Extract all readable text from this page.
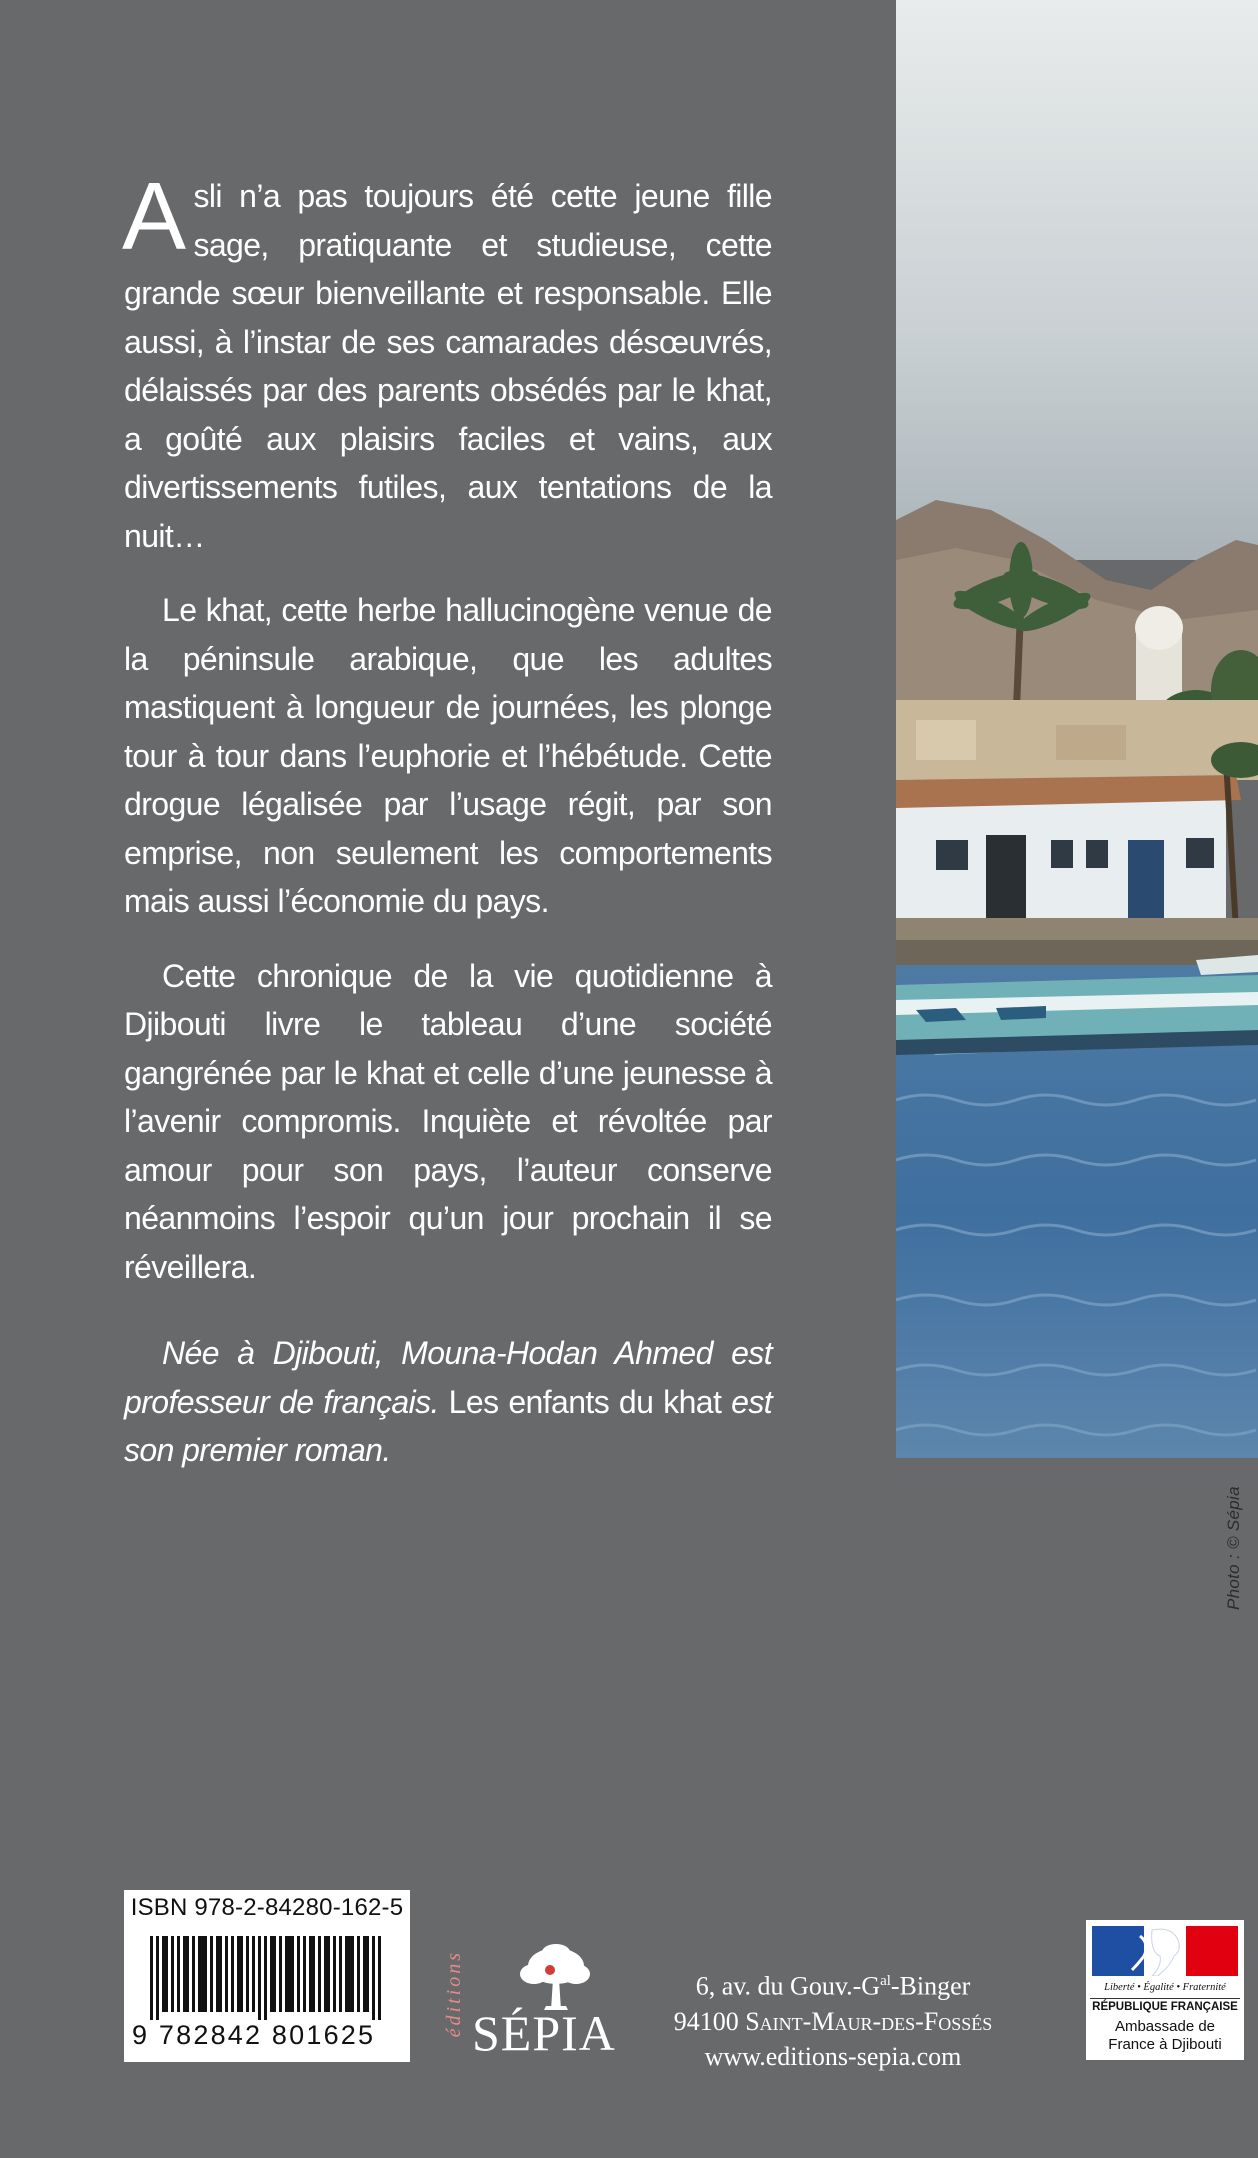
Photo : © Sépia

Asli n’a pas toujours été cette jeune fille sage, pratiquante et studieuse, cette grande sœur bienveillante et responsable. Elle aussi, à l’instar de ses camarades désœuvrés, délaissés par des parents obsédés par le khat, a goûté aux plaisirs faciles et vains, aux divertissements futiles, aux tentations de la nuit…

Le khat, cette herbe hallucinogène venue de la péninsule arabique, que les adultes mastiquent à longueur de journées, les plonge tour à tour dans l’euphorie et l’hébétude. Cette drogue légalisée par l’usage régit, par son emprise, non seulement les comportements mais aussi l’économie du pays.

Cette chronique de la vie quotidienne à Djibouti livre le tableau d’une société gangrénée par le khat et celle d’une jeunesse à l’avenir compromis. Inquiète et révoltée par amour pour son pays, l’auteur conserve néanmoins l’espoir qu’un jour prochain il se réveillera.

Née à Djibouti, Mouna-Hodan Ahmed est professeur de français. Les enfants du khat est son premier roman.

ISBN 978-2-84280-162-5
9 782842 801625	éditions SÉPIA
6, av. du $Gouv.-G^{al}$-Binger
94100 Saint-Maur-des-Fossés
www.editions-sepia.com
Liberté • Égalité • Fraternité
RÉPUBLIQUE FRANÇAISE
Ambassade de
France à Djibouti
